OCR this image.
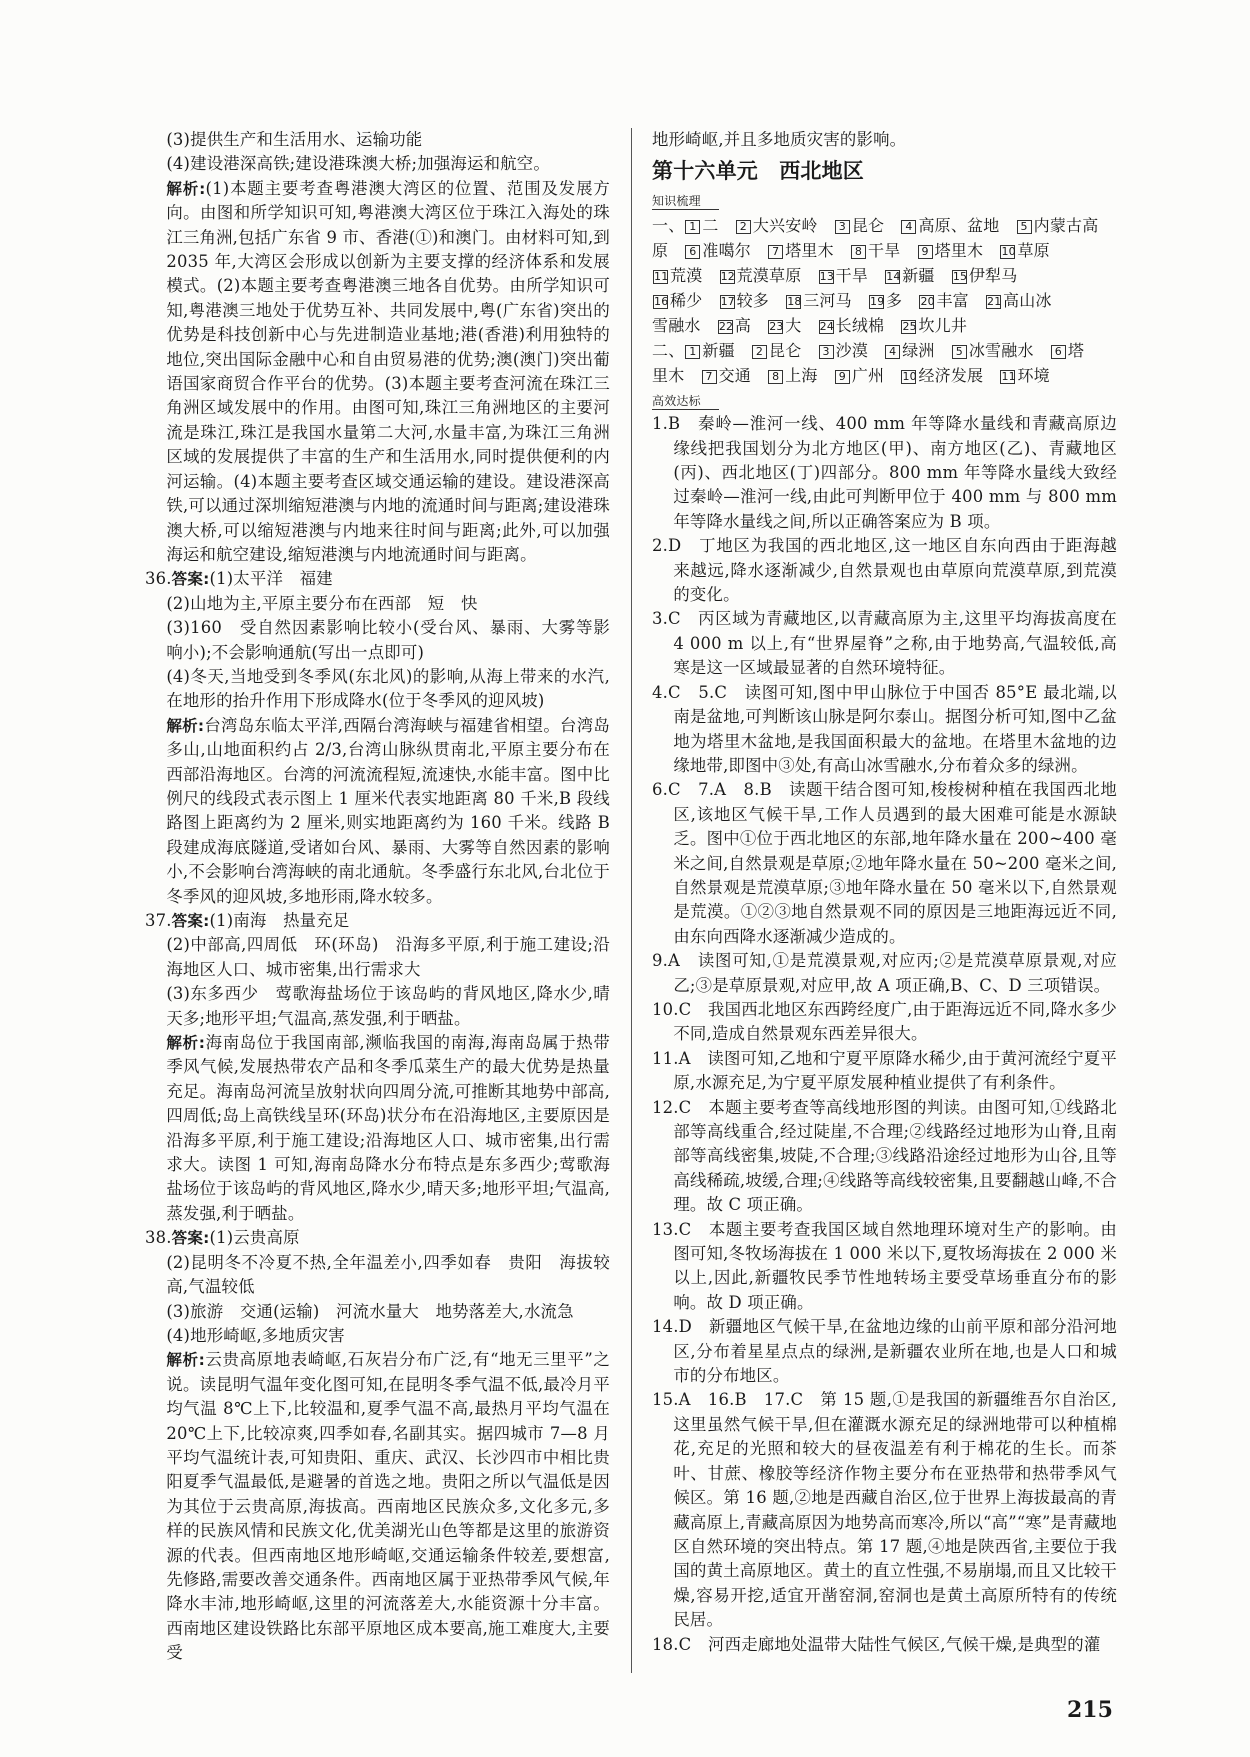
(3)提供生产和生活用水、运输功能

(4)建设港深高铁;建设港珠澳大桥;加强海运和航空。

解析:(1)本题主要考查粤港澳大湾区的位置、范围及发展方向。由图和所学知识可知,粤港澳大湾区位于珠江入海处的珠江三角洲,包括广东省 9 市、香港(①)和澳门。由材料可知,到 2035 年,大湾区会形成以创新为主要支撑的经济体系和发展模式。(2)本题主要考查粤港澳三地各自优势。由所学知识可知,粤港澳三地处于优势互补、共同发展中,粤(广东省)突出的优势是科技创新中心与先进制造业基地;港(香港)利用独特的地位,突出国际金融中心和自由贸易港的优势;澳(澳门)突出葡语国家商贸合作平台的优势。(3)本题主要考查河流在珠江三角洲区域发展中的作用。由图可知,珠江三角洲地区的主要河流是珠江,珠江是我国水量第二大河,水量丰富,为珠江三角洲区域的发展提供了丰富的生产和生活用水,同时提供便利的内河运输。(4)本题主要考查区域交通运输的建设。建设港深高铁,可以通过深圳缩短港澳与内地的流通时间与距离;建设港珠澳大桥,可以缩短港澳与内地来往时间与距离;此外,可以加强海运和航空建设,缩短港澳与内地流通时间与距离。

36.答案:(1)太平洋　福建

(2)山地为主,平原主要分布在西部　短　快

(3)160　受自然因素影响比较小(受台风、暴雨、大雾等影响小);不会影响通航(写出一点即可)

(4)冬天,当地受到冬季风(东北风)的影响,从海上带来的水汽,在地形的抬升作用下形成降水(位于冬季风的迎风坡)

解析:台湾岛东临太平洋,西隔台湾海峡与福建省相望。台湾岛多山,山地面积约占 2/3,台湾山脉纵贯南北,平原主要分布在西部沿海地区。台湾的河流流程短,流速快,水能丰富。图中比例尺的线段式表示图上 1 厘米代表实地距离 80 千米,B 段线路图上距离约为 2 厘米,则实地距离约为 160 千米。线路 B 段建成海底隧道,受诸如台风、暴雨、大雾等自然因素的影响小,不会影响台湾海峡的南北通航。冬季盛行东北风,台北位于冬季风的迎风坡,多地形雨,降水较多。

37.答案:(1)南海　热量充足

(2)中部高,四周低　环(环岛)　沿海多平原,利于施工建设;沿海地区人口、城市密集,出行需求大

(3)东多西少　莺歌海盐场位于该岛屿的背风地区,降水少,晴天多;地形平坦;气温高,蒸发强,利于晒盐。

解析:海南岛位于我国南部,濒临我国的南海,海南岛属于热带季风气候,发展热带农产品和冬季瓜菜生产的最大优势是热量充足。海南岛河流呈放射状向四周分流,可推断其地势中部高,四周低;岛上高铁线呈环(环岛)状分布在沿海地区,主要原因是沿海多平原,利于施工建设;沿海地区人口、城市密集,出行需求大。读图 1 可知,海南岛降水分布特点是东多西少;莺歌海盐场位于该岛屿的背风地区,降水少,晴天多;地形平坦;气温高,蒸发强,利于晒盐。

38.答案:(1)云贵高原

(2)昆明冬不冷夏不热,全年温差小,四季如春　贵阳　海拔较高,气温较低

(3)旅游　交通(运输)　河流水量大　地势落差大,水流急

(4)地形崎岖,多地质灾害

解析:云贵高原地表崎岖,石灰岩分布广泛,有“地无三里平”之说。读昆明气温年变化图可知,在昆明冬季气温不低,最冷月平均气温 8℃上下,比较温和,夏季气温不高,最热月平均气温在 20℃上下,比较凉爽,四季如春,名副其实。据四城市 7—8 月平均气温统计表,可知贵阳、重庆、武汉、长沙四市中相比贵阳夏季气温最低,是避暑的首选之地。贵阳之所以气温低是因为其位于云贵高原,海拔高。西南地区民族众多,文化多元,多样的民族风情和民族文化,优美湖光山色等都是这里的旅游资源的代表。但西南地区地形崎岖,交通运输条件较差,要想富,先修路,需要改善交通条件。西南地区属于亚热带季风气候,年降水丰沛,地形崎岖,这里的河流落差大,水能资源十分丰富。西南地区建设铁路比东部平原地区成本要高,施工难度大,主要受

地形崎岖,并且多地质灾害的影响。

第十六单元　西北地区

知识梳理
一、 1 二　2 大兴安岭　3 昆仑　4 高原、盆地　5 内蒙古高
原　6 准噶尔　7 塔里木　8 干旱　9 塔里木　10草原
11荒漠　12荒漠草原　13干旱　14新疆　15伊犁马
16稀少　17较多　18三河马　19多　20丰富　21高山冰
雪融水　22高　23大　24长绒棉　25坎儿井
二、 1 新疆　2 昆仑　3 沙漠　4 绿洲　5 冰雪融水　6 塔
里木　7 交通　8 上海　9 广州　10经济发展　11环境
高效达标

1.B　秦岭—淮河一线、400 mm 年等降水量线和青藏高原边缘线把我国划分为北方地区(甲)、南方地区(乙)、青藏地区(丙)、西北地区(丁)四部分。800 mm 年等降水量线大致经过秦岭—淮河一线,由此可判断甲位于 400 mm 与 800 mm 年等降水量线之间,所以正确答案应为 B 项。

2.D　丁地区为我国的西北地区,这一地区自东向西由于距海越来越远,降水逐渐减少,自然景观也由草原向荒漠草原,到荒漠的变化。

3.C　丙区域为青藏地区,以青藏高原为主,这里平均海拔高度在 4 000 m 以上,有“世界屋脊”之称,由于地势高,气温较低,高寒是这一区域最显著的自然环境特征。

4.C　5.C　读图可知,图中甲山脉位于中国否 85°E 最北端,以南是盆地,可判断该山脉是阿尔泰山。据图分析可知,图中乙盆地为塔里木盆地,是我国面积最大的盆地。在塔里木盆地的边缘地带,即图中③处,有高山冰雪融水,分布着众多的绿洲。

6.C　7.A　8.B　读题干结合图可知,梭梭树种植在我国西北地区,该地区气候干旱,工作人员遇到的最大困难可能是水源缺乏。图中①位于西北地区的东部,地年降水量在 200~400 毫米之间,自然景观是草原;②地年降水量在 50~200 毫米之间,自然景观是荒漠草原;③地年降水量在 50 毫米以下,自然景观是荒漠。①②③地自然景观不同的原因是三地距海远近不同,由东向西降水逐渐减少造成的。

9.A　读图可知,①是荒漠景观,对应丙;②是荒漠草原景观,对应乙;③是草原景观,对应甲,故 A 项正确,B、C、D 三项错误。

10.C　我国西北地区东西跨经度广,由于距海远近不同,降水多少不同,造成自然景观东西差异很大。

11.A　读图可知,乙地和宁夏平原降水稀少,由于黄河流经宁夏平原,水源充足,为宁夏平原发展种植业提供了有利条件。

12.C　本题主要考查等高线地形图的判读。由图可知,①线路北部等高线重合,经过陡崖,不合理;②线路经过地形为山脊,且南部等高线密集,坡陡,不合理;③线路沿途经过地形为山谷,且等高线稀疏,坡缓,合理;④线路等高线较密集,且要翻越山峰,不合理。故 C 项正确。

13.C　本题主要考查我国区域自然地理环境对生产的影响。由图可知,冬牧场海拔在 1 000 米以下,夏牧场海拔在 2 000 米以上,因此,新疆牧民季节性地转场主要受草场垂直分布的影响。故 D 项正确。

14.D　新疆地区气候干旱,在盆地边缘的山前平原和部分沿河地区,分布着星星点点的绿洲,是新疆农业所在地,也是人口和城市的分布地区。

15.A　16.B　17.C　第 15 题,①是我国的新疆维吾尔自治区,这里虽然气候干旱,但在灌溉水源充足的绿洲地带可以种植棉花,充足的光照和较大的昼夜温差有利于棉花的生长。而茶叶、甘蔗、橡胶等经济作物主要分布在亚热带和热带季风气候区。第 16 题,②地是西藏自治区,位于世界上海拔最高的青藏高原上,青藏高原因为地势高而寒冷,所以“高”“寒”是青藏地区自然环境的突出特点。第 17 题,④地是陕西省,主要位于我国的黄土高原地区。黄土的直立性强,不易崩塌,而且又比较干燥,容易开挖,适宜开凿窑洞,窑洞也是黄土高原所特有的传统民居。

18.C　河西走廊地处温带大陆性气候区,气候干燥,是典型的灌

215
